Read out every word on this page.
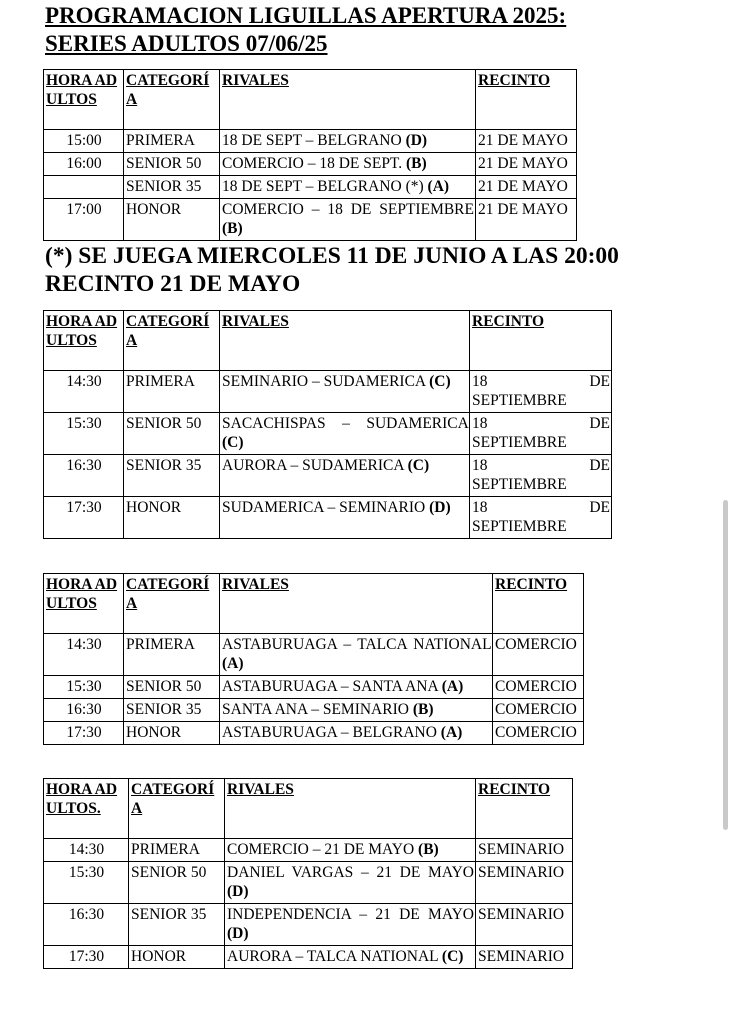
PROGRAMACION LIGUILLAS APERTURA 2025:
SERIES ADULTOS 07/06/25
HORA ADULTOS	CATEGORÍA	RIVALES	RECINTO
15:00	PRIMERA	18 DE SEPT – BELGRANO (D)	21 DE MAYO
16:00	SENIOR 50	COMERCIO – 18 DE SEPT. (B)	21 DE MAYO
	SENIOR 35	18 DE SEPT – BELGRANO (*) (A)	21 DE MAYO
17:00	HONOR	COMERCIO – 18 DE SEPTIEMBRE (B)	21 DE MAYO
(*) SE JUEGA MIERCOLES 11 DE JUNIO A LAS 20:00
RECINTO 21 DE MAYO
HORA ADULTOS	CATEGORÍA	RIVALES	RECINTO
14:30	PRIMERA	SEMINARIO – SUDAMERICA (C)	18 DE SEPTIEMBRE
15:30	SENIOR 50	SACACHISPAS – SUDAMERICA (C)	18 DE SEPTIEMBRE
16:30	SENIOR 35	AURORA – SUDAMERICA (C)	18 DE SEPTIEMBRE
17:30	HONOR	SUDAMERICA – SEMINARIO (D)	18 DE SEPTIEMBRE
HORA ADULTOS	CATEGORÍA	RIVALES	RECINTO
14:30	PRIMERA	ASTABURUAGA – TALCA NATIONAL (A)	COMERCIO
15:30	SENIOR 50	ASTABURUAGA – SANTA ANA (A)	COMERCIO
16:30	SENIOR 35	SANTA ANA – SEMINARIO (B)	COMERCIO
17:30	HONOR	ASTABURUAGA – BELGRANO (A)	COMERCIO
HORA ADULTOS.	CATEGORÍA	RIVALES	RECINTO
14:30	PRIMERA	COMERCIO – 21 DE MAYO (B)	SEMINARIO
15:30	SENIOR 50	DANIEL VARGAS – 21 DE MAYO (D)	SEMINARIO
16:30	SENIOR 35	INDEPENDENCIA – 21 DE MAYO (D)	SEMINARIO
17:30	HONOR	AURORA – TALCA NATIONAL (C)	SEMINARIO
